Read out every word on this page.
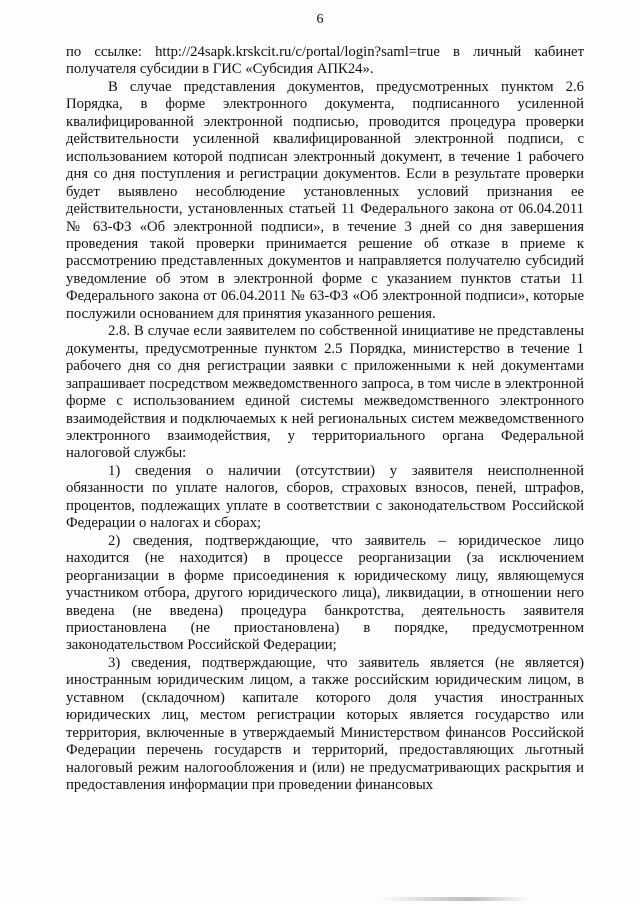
6

по ссылке: http://24sapk.krskcit.ru/c/portal/login?saml=true в личный кабинет получателя субсидии в ГИС «Субсидия АПК24».

В случае представления документов, предусмотренных пунктом 2.6 Порядка, в форме электронного документа, подписанного усиленной квалифицированной электронной подписью, проводится процедура проверки действительности усиленной квалифицированной электронной подписи, с использованием которой подписан электронный документ, в течение 1 рабочего дня со дня поступления и регистрации документов. Если в результате проверки будет выявлено несоблюдение установленных условий признания ее действительности, установленных статьей 11 Федерального закона от 06.04.2011 № 63-ФЗ «Об электронной подписи», в течение 3 дней со дня завершения проведения такой проверки принимается решение об отказе в приеме к рассмотрению представленных документов и направляется получателю субсидий уведомление об этом в электронной форме с указанием пунктов статьи 11 Федерального закона от 06.04.2011 № 63-ФЗ «Об электронной подписи», которые послужили основанием для принятия указанного решения.

2.8. В случае если заявителем по собственной инициативе не представлены документы, предусмотренные пунктом 2.5 Порядка, министерство в течение 1 рабочего дня со дня регистрации заявки с приложенными к ней документами запрашивает посредством межведомственного запроса, в том числе в электронной форме с использованием единой системы межведомственного электронного взаимодействия и подключаемых к ней региональных систем межведомственного электронного взаимодействия, у территориального органа Федеральной налоговой службы:

1) сведения о наличии (отсутствии) у заявителя неисполненной обязанности по уплате налогов, сборов, страховых взносов, пеней, штрафов, процентов, подлежащих уплате в соответствии с законодательством Российской Федерации о налогах и сборах;

2) сведения, подтверждающие, что заявитель – юридическое лицо находится (не находится) в процессе реорганизации (за исключением реорганизации в форме присоединения к юридическому лицу, являющемуся участником отбора, другого юридического лица), ликвидации, в отношении него введена (не введена) процедура банкротства, деятельность заявителя приостановлена (не приостановлена) в порядке, предусмотренном законодательством Российской Федерации;

3) сведения, подтверждающие, что заявитель является (не является) иностранным юридическим лицом, а также российским юридическим лицом, в уставном (складочном) капитале которого доля участия иностранных юридических лиц, местом регистрации которых является государство или территория, включенные в утверждаемый Министерством финансов Российской Федерации перечень государств и территорий, предоставляющих льготный налоговый режим налогообложения и (или) не предусматривающих раскрытия и предоставления информации при проведении финансовых
